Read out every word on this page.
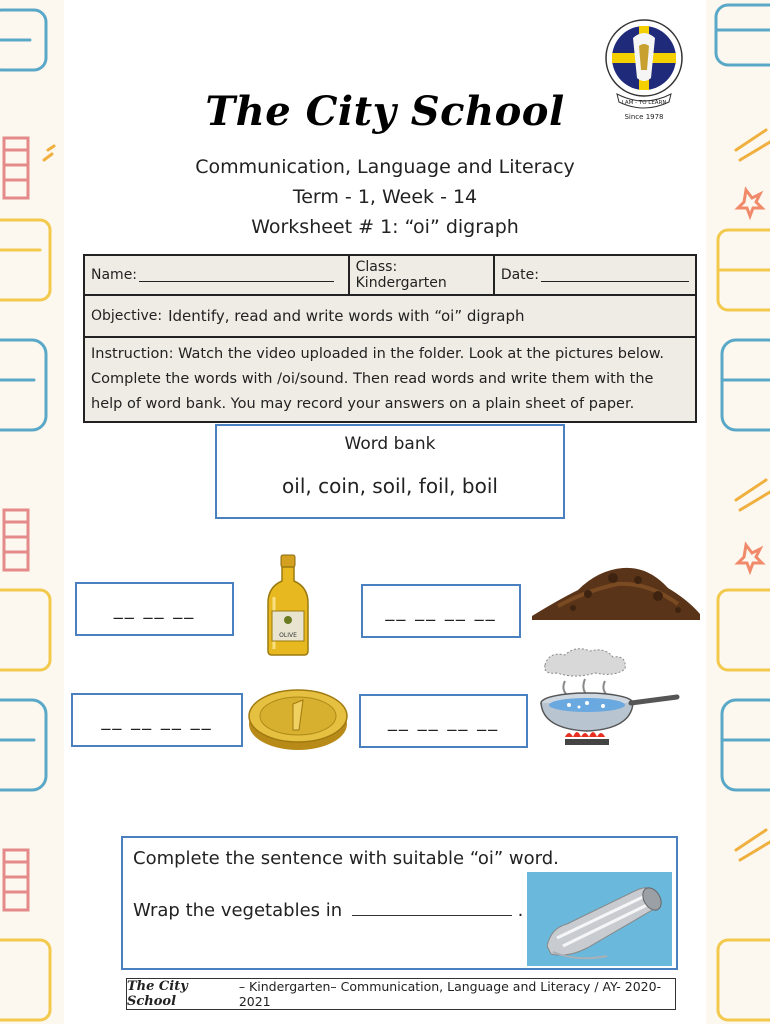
I AM - TO LEARN
Since 1978
The City School
Communication, Language and Literacy
Term - 1, Week - 14
Worksheet # 1: “oi” digraph
Name:	Class: Kindergarten	Date:
Objective: Identify, read and write words with “oi” digraph
Instruction: Watch the video uploaded in the folder. Look at the pictures below. Complete the words with /oi/sound. Then read words and write them with the help of word bank. You may record your answers on a plain sheet of paper.
Word bank
oil, coin, soil, foil, boil
__ __ __	__ __ __ __
__ __ __ __	__ __ __ __
OLIVE
Complete the sentence with suitable “oi” word.
Wrap the vegetables in	.
The City School
– Kindergarten– Communication, Language and Literacy / AY- 2020-2021
